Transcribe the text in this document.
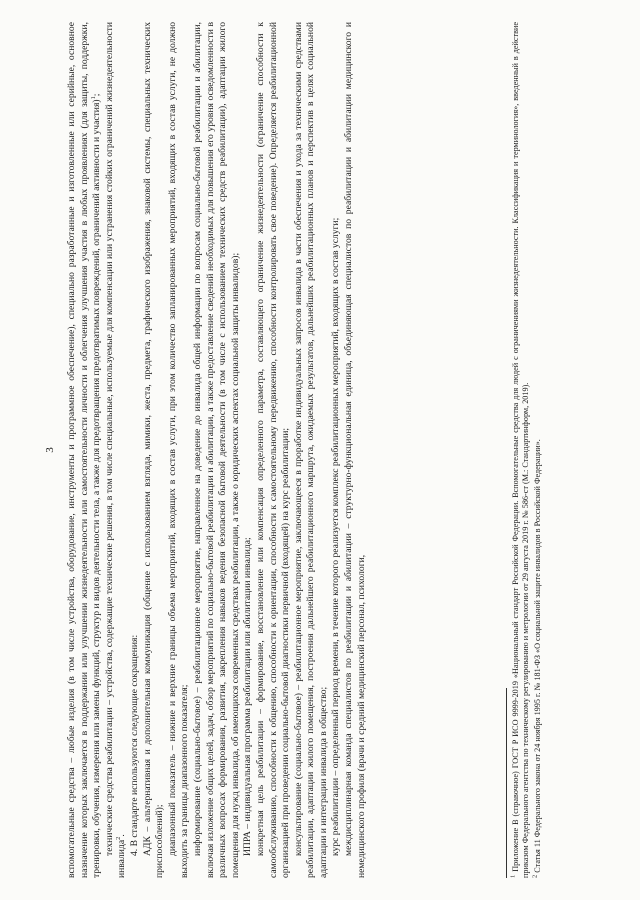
3 вспомогательные средства – любые изделия (в том числе устройства, оборудование, инструменты и программное обеспечение), специально разработанные и изготовленные или серийные, основное назначение которых заключается в поддержании или улучшении жизнедеятельности или самостоятельности личности и облегчения улучшения участия в любых проявлениях (для защиты, поддержки, тренировки, обучения, измерения или замены функций, структур и видов деятельности тела, а также для предотвращения предотвратимых повреждений, ограничений активности и участия)$^1$; технические средства реабилитации – устройства, содержащие технические решения, в том числе специальные, используемые для компенсации или устранения стойких ограничений жизнедеятельности инвалида$^2$. 4. В стандарте используются следующие сокращения: АДК – альтернативная и дополнительная коммуникация (общение с использованием взгляда, мимики, жеста, предмета, графического изображения, знаковой системы, специальных технических приспособлений); диапазонный показатель – нижние и верхние границы объема мероприятий, входящих в состав услуги, при этом количество запланированных мероприятий, входящих в состав услуги, не должно выходить за границы диапазонного показателя; информирование (социально-бытовое) – реабилитационное мероприятие, направленное на доведение до инвалида общей информации по вопросам социально-бытовой реабилитации и абилитации, включая изложение общих целей, задач, обзор мероприятий по социально-бытовой реабилитации и абилитации, а также предоставление сведений необходимых для повышения его уровня осведомленности в различных вопросах формирования, развития, закрепления навыков ведения безопасной бытовой деятельности (в том числе с использованием технических средств реабилитации), адаптации жилого помещения для нужд инвалида, об имеющихся современных средствах реабилитации, а также о юридических аспектах социальной защиты инвалидов); ИПРА – индивидуальная программа реабилитации или абилитации инвалида; конкретная цель реабилитации – формирование, восстановление или компенсация определенного параметра, составляющего ограничение жизнедеятельности (ограничение способности к самообслуживанию, способности к общению, способности к ориентации, способности к самостоятельному передвижению, способности контролировать свое поведение). Определяется реабилитационной организацией при проведении социально-бытовой диагностики первичной (входящей) на курс реабилитации; консультирование (социально-бытовое) – реабилитационное мероприятие, заключающееся в проработке индивидуальных запросов инвалида в части обеспечения и ухода за техническими средствами реабилитации, адаптации жилого помещения, построения дальнейшего реабилитационного маршрута, ожидаемых результатов, дальнейших реабилитационных планов и перспектив в целях социальной адаптации и интеграции инвалида в общество; курс реабилитации – определенный период времени, в течение которого реализуется комплекс реабилитационных мероприятий, входящих в состав услуги; междисциплинарная команда специалистов по реабилитации и абилитации – структурно-функциональная единица, объединяющая специалистов по реабилитации и абилитации медицинского и немедицинского профиля (врачи и средний медицинский персонал, психологи,	$^1$ Приложение В (справочное) ГОСТ Р ИСО 9999-2019 «Национальный стандарт Российской Федерации. Вспомогательные средства для людей с ограничениями жизнедеятельности. Классификация и терминология», введенный в действие приказом Федерального агентства по техническому регулированию и метрологии от 29 августа 2019 г. № 586-ст (М.: Стандартинформ, 2019). $^2$ Статья 11 Федерального закона от 24 ноября 1995 г. № 181-ФЗ «О социальной защите инвалидов в Российской Федерации».
